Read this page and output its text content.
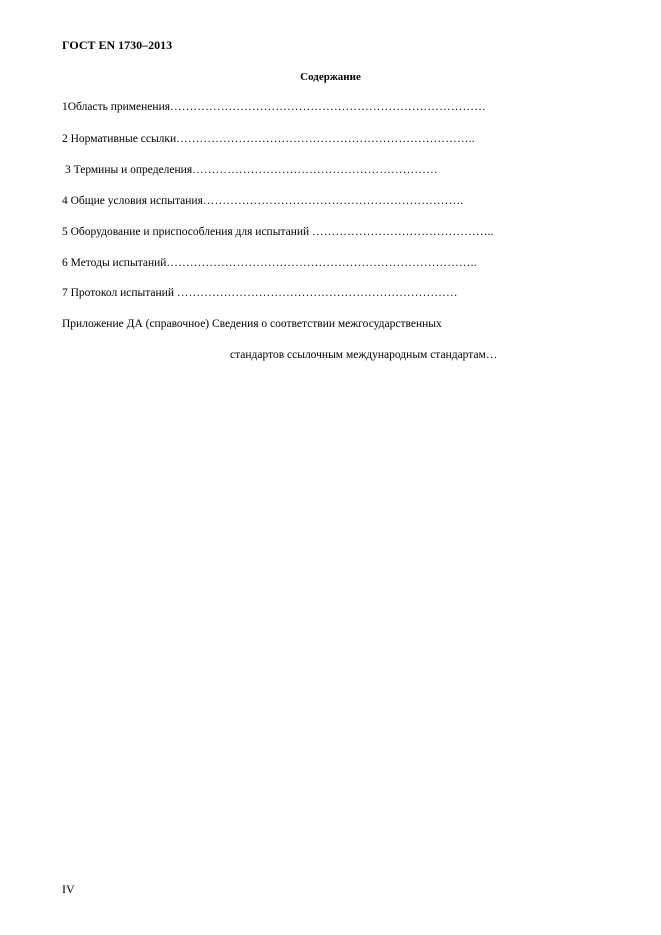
ГОСТ EN 1730–2013
Содержание
1Область применения………………………………………………………………………
2 Нормативные ссылки…………………………………………………………………..
3 Термины и определения………………………………………………………
4 Общие условия испытания………………………………………………………….
5 Оборудование и приспособления для испытаний ………………………………………..
6 Методы испытаний……………………………………………………………………..
7 Протокол испытаний ………………………………………………………………
Приложение ДА (справочное) Сведения о соответствии межгосударственных
стандартов ссылочным международным стандартам…
IV
